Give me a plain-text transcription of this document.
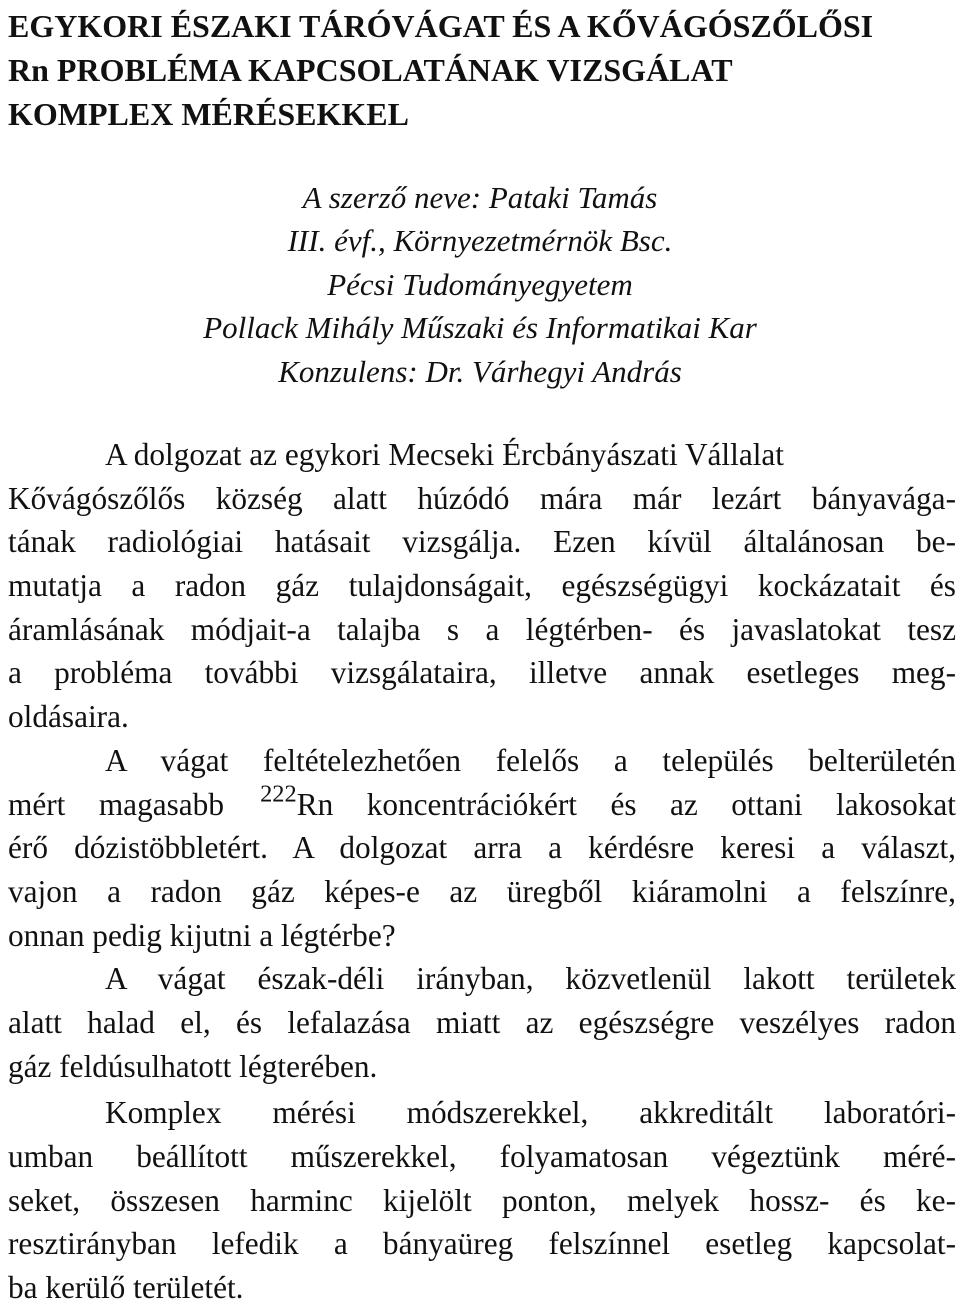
EGYKORI ÉSZAKI TÁRÓVÁGAT ÉS A KŐVÁGÓSZŐLŐSI
Rn PROBLÉMA KAPCSOLATÁNAK VIZSGÁLAT
KOMPLEX MÉRÉSEKKEL
A szerző neve: Pataki Tamás
III. évf., Környezetmérnök Bsc.
Pécsi Tudományegyetem
Pollack Mihály Műszaki és Informatikai Kar
Konzulens: Dr. Várhegyi András
A dolgozat az egykori Mecseki Ércbányászati Vállalat
Kővágószőlős község alatt húzódó mára már lezárt bányavága-
tának radiológiai hatásait vizsgálja. Ezen kívül általánosan be-
mutatja a radon gáz tulajdonságait, egészségügyi kockázatait és
áramlásának módjait-a talajba s a légtérben- és javaslatokat tesz
a probléma további vizsgálataira, illetve annak esetleges meg-
oldásaira.
A vágat feltételezhetően felelős a település belterületén
mért magasabb  $^{222}$Rn koncentrációkért és az ottani lakosokat
érő dózistöbbletért. A dolgozat arra a kérdésre keresi a választ,
vajon a radon gáz képes-e az üregből kiáramolni a felszínre,
onnan pedig kijutni a légtérbe?
A vágat észak-déli irányban, közvetlenül lakott területek
alatt halad el, és lefalazása miatt az egészségre veszélyes radon
gáz feldúsulhatott légterében.
Komplex mérési módszerekkel, akkreditált laboratóri-
umban beállított műszerekkel, folyamatosan végeztünk méré-
seket, összesen harminc kijelölt ponton, melyek hossz- és ke-
resztirányban lefedik a bányaüreg felszínnel esetleg kapcsolat-
ba kerülő területét.
